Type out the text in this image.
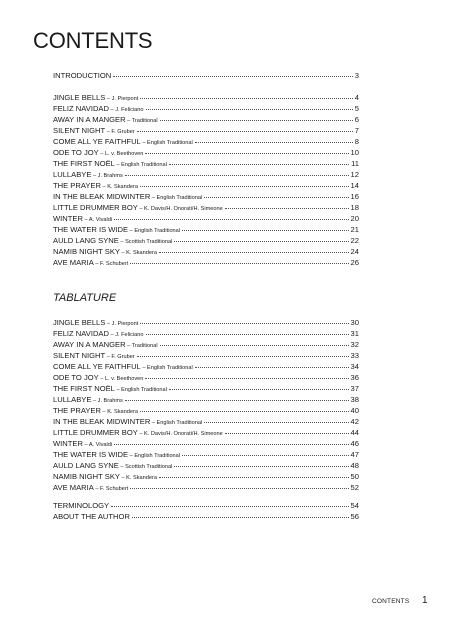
CONTENTS
INTRODUCTION	3
JINGLE BELLS – J. Pierpont	4
FELIZ NAVIDAD – J. Feliciano	5
AWAY IN A MANGER – Traditional	6
SILENT NIGHT – F. Gruber	7
COME ALL YE FAITHFUL – English Traditional	8
ODE TO JOY – L. v. Beethoven	10
THE FIRST NOËL – English Traditional	11
LULLABYE – J. Brahms	12
THE PRAYER – K. Skandera	14
IN THE BLEAK MIDWINTER – English Traditional	16
LITTLE DRUMMER BOY – K. Davis/H. Onorati/H. Simeone	18
WINTER – A. Vivaldi	20
THE WATER IS WIDE – English Traditional	21
AULD LANG SYNE – Scottish Traditional	22
NAMIB NIGHT SKY – K. Skandera	24
AVE MARIA – F. Schubert	26
TABLATURE
JINGLE BELLS – J. Pierpont	30
FELIZ NAVIDAD – J. Feliciano	31
AWAY IN A MANGER – Traditional	32
SILENT NIGHT – F. Gruber	33
COME ALL YE FAITHFUL – English Traditional	34
ODE TO JOY – L. v. Beethoven	36
THE FIRST NOËL – English Traditional	37
LULLABYE – J. Brahms	38
THE PRAYER – K. Skandera	40
IN THE BLEAK MIDWINTER – English Traditional	42
LITTLE DRUMMER BOY – K. Davis/H. Onorati/H. Simeone	44
WINTER – A. Vivaldi	46
THE WATER IS WIDE – English Traditional	47
AULD LANG SYNE – Scottish Traditional	48
NAMIB NIGHT SKY – K. Skandera	50
AVE MARIA – F. Schubert	52
TERMINOLOGY	54
ABOUT THE AUTHOR	56
CONTENTS 1
